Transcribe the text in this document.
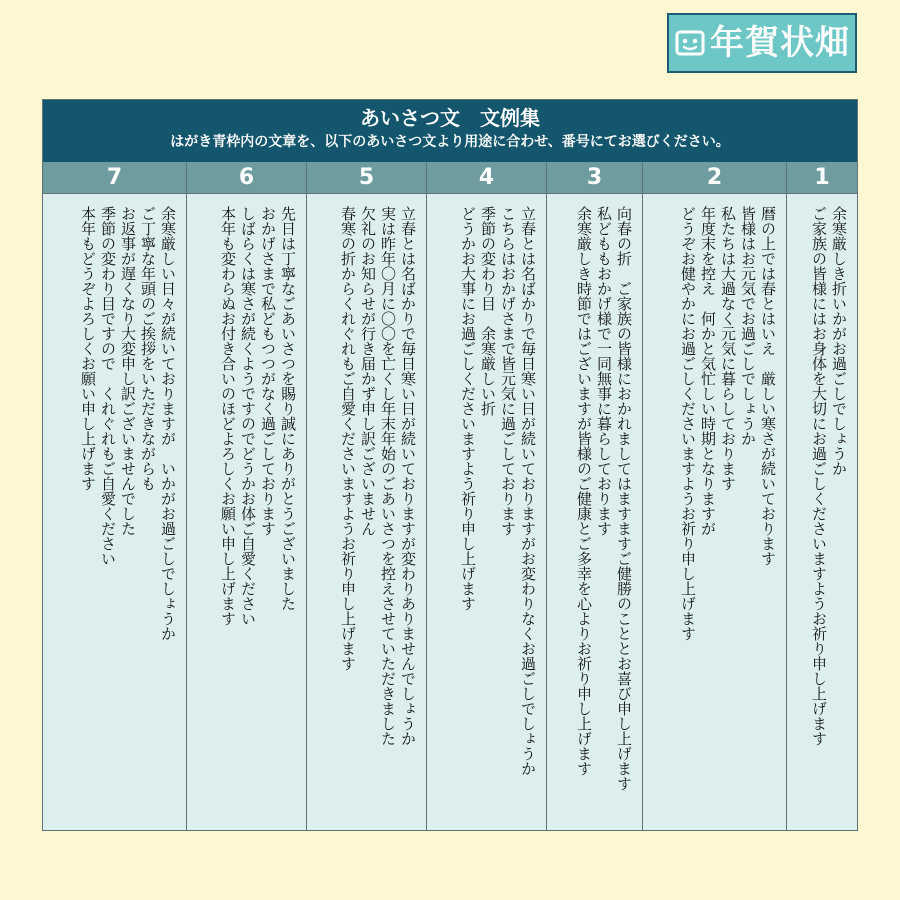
年賀状畑
あいさつ文　文例集
はがき青枠内の文章を、以下のあいさつ文より用途に合わせ、番号にてお選びください。
7
余寒厳しい日々が続いておりますが　いかがお過ごしでしょうか
ご丁寧な年頭のご挨拶をいただきながらも
お返事が遅くなり大変申し訳ございませんでした
季節の変わり目ですので　くれぐれもご自愛ください
本年もどうぞよろしくお願い申し上げます
6
先日は丁寧なごあいさつを賜り誠にありがとうございました
おかげさまで私どもつつがなく過ごしております
しばらくは寒さが続くようですのでどうかお体ご自愛ください
本年も変わらぬお付き合いのほどよろしくお願い申し上げます
5
立春とは名ばかりで毎日寒い日が続いておりますが変わりありませんでしょうか
実は昨年〇月に〇〇を亡くし年末年始のごあいさつを控えさせていただきました
欠礼のお知らせが行き届かず申し訳ございません
春寒の折からくれぐれもご自愛くださいますようお祈り申し上げます
4
立春とは名ばかりで毎日寒い日が続いておりますがお変わりなくお過ごしでしょうか
こちらはおかげさまで皆元気に過ごしております
季節の変わり目　余寒厳しい折
どうかお大事にお過ごしくださいますよう祈り申し上げます
3
向春の折　ご家族の皆様におかれましてはますますご健勝のこととお喜び申し上げます
私どももおかげ様で一同無事に暮らしております
余寒厳しき時節ではございますが皆様のご健康とご多幸を心よりお祈り申し上げます
2
暦の上では春とはいえ　厳しい寒さが続いております
皆様はお元気でお過ごしでしょうか
私たちは大過なく元気に暮らしております
年度末を控え　何かと気忙しい時期となりますが
どうぞお健やかにお過ごしくださいますようお祈り申し上げます
1
余寒厳しき折いかがお過ごしでしょうか
ご家族の皆様にはお身体を大切にお過ごしくださいますようお祈り申し上げます
